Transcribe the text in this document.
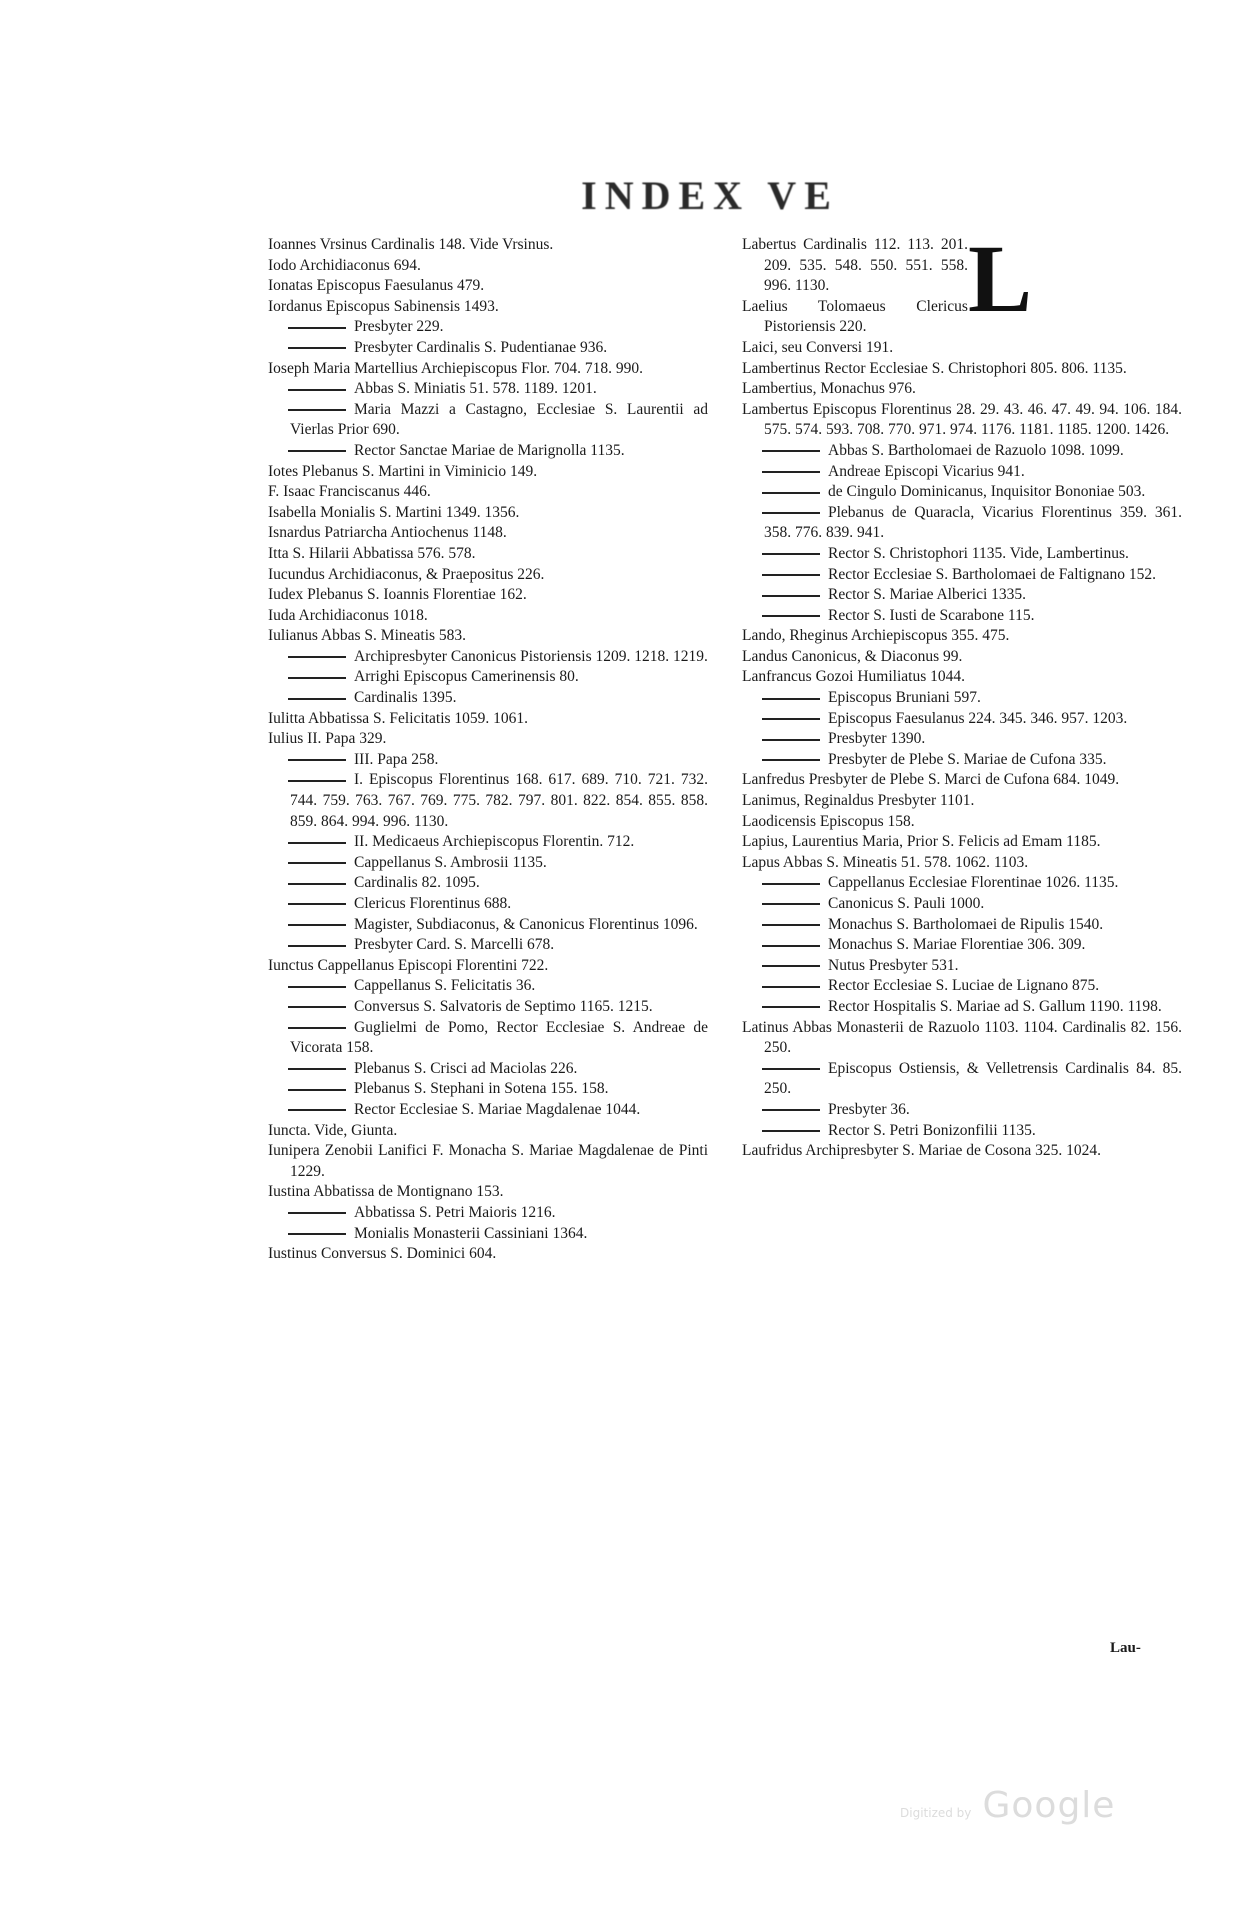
INDEX VE

Ioannes Vrsinus Cardinalis 148. Vide Vrsinus.

Iodo Archidiaconus 694.

Ionatas Episcopus Faesulanus 479.

Iordanus Episcopus Sabinensis 1493.

Presbyter 229.

Presbyter Cardinalis S. Pudentianae 936.

Ioseph Maria Martellius Archiepiscopus Flor. 704. 718. 990.

Abbas S. Miniatis 51. 578. 1189. 1201.

Maria Mazzi a Castagno, Ecclesiae S. Laurentii ad Vierlas Prior 690.

Rector Sanctae Mariae de Marignolla 1135.

Iotes Plebanus S. Martini in Viminicio 149.

F. Isaac Franciscanus 446.

Isabella Monialis S. Martini 1349. 1356.

Isnardus Patriarcha Antiochenus 1148.

Itta S. Hilarii Abbatissa 576. 578.

Iucundus Archidiaconus, & Praepositus 226.

Iudex Plebanus S. Ioannis Florentiae 162.

Iuda Archidiaconus 1018.

Iulianus Abbas S. Mineatis 583.

Archipresbyter Canonicus Pistoriensis 1209. 1218. 1219.

Arrighi Episcopus Camerinensis 80.

Cardinalis 1395.

Iulitta Abbatissa S. Felicitatis 1059. 1061.

Iulius II. Papa 329.

III. Papa 258.

I. Episcopus Florentinus 168. 617. 689. 710. 721. 732. 744. 759. 763. 767. 769. 775. 782. 797. 801. 822. 854. 855. 858. 859. 864. 994. 996. 1130.

II. Medicaeus Archiepiscopus Florentin. 712.

Cappellanus S. Ambrosii 1135.

Cardinalis 82. 1095.

Clericus Florentinus 688.

Magister, Subdiaconus, & Canonicus Florentinus 1096.

Presbyter Card. S. Marcelli 678.

Iunctus Cappellanus Episcopi Florentini 722.

Cappellanus S. Felicitatis 36.

Conversus S. Salvatoris de Septimo 1165. 1215.

Guglielmi de Pomo, Rector Ecclesiae S. Andreae de Vicorata 158.

Plebanus S. Crisci ad Maciolas 226.

Plebanus S. Stephani in Sotena 155. 158.

Rector Ecclesiae S. Mariae Magdalenae 1044.

Iuncta. Vide, Giunta.

Iunipera Zenobii Lanifici F. Monacha S. Mariae Magdalenae de Pinti 1229.

Iustina Abbatissa de Montignano 153.

Abbatissa S. Petri Maioris 1216.

Monialis Monasterii Cassiniani 1364.

Iustinus Conversus S. Dominici 604.

L

Labertus Cardinalis 112. 113. 201. 209. 535. 548. 550. 551. 558. 996. 1130.

Laelius Tolomaeus Clericus Pistoriensis 220.

Laici, seu Conversi 191.

Lambertinus Rector Ecclesiae S. Christophori 805. 806. 1135.

Lambertius, Monachus 976.

Lambertus Episcopus Florentinus 28. 29. 43. 46. 47. 49. 94. 106. 184. 575. 574. 593. 708. 770. 971. 974. 1176. 1181. 1185. 1200. 1426.

Abbas S. Bartholomaei de Razuolo 1098. 1099.

Andreae Episcopi Vicarius 941.

de Cingulo Dominicanus, Inquisitor Bononiae 503.

Plebanus de Quaracla, Vicarius Florentinus 359. 361. 358. 776. 839. 941.

Rector S. Christophori 1135. Vide, Lambertinus.

Rector Ecclesiae S. Bartholomaei de Faltignano 152.

Rector S. Mariae Alberici 1335.

Rector S. Iusti de Scarabone 115.

Lando, Rheginus Archiepiscopus 355. 475.

Landus Canonicus, & Diaconus 99.

Lanfrancus Gozoi Humiliatus 1044.

Episcopus Bruniani 597.

Episcopus Faesulanus 224. 345. 346. 957. 1203.

Presbyter 1390.

Presbyter de Plebe S. Mariae de Cufona 335.

Lanfredus Presbyter de Plebe S. Marci de Cufona 684. 1049.

Lanimus, Reginaldus Presbyter 1101.

Laodicensis Episcopus 158.

Lapius, Laurentius Maria, Prior S. Felicis ad Emam 1185.

Lapus Abbas S. Mineatis 51. 578. 1062. 1103.

Cappellanus Ecclesiae Florentinae 1026. 1135.

Canonicus S. Pauli 1000.

Monachus S. Bartholomaei de Ripulis 1540.

Monachus S. Mariae Florentiae 306. 309.

Nutus Presbyter 531.

Rector Ecclesiae S. Luciae de Lignano 875.

Rector Hospitalis S. Mariae ad S. Gallum 1190. 1198.

Latinus Abbas Monasterii de Razuolo 1103. 1104. Cardinalis 82. 156. 250.

Episcopus Ostiensis, & Velletrensis Cardinalis 84. 85. 250.

Presbyter 36.

Rector S. Petri Bonizonfilii 1135.

Laufridus Archipresbyter S. Mariae de Cosona 325. 1024.

Lau-
Digitized by Google
